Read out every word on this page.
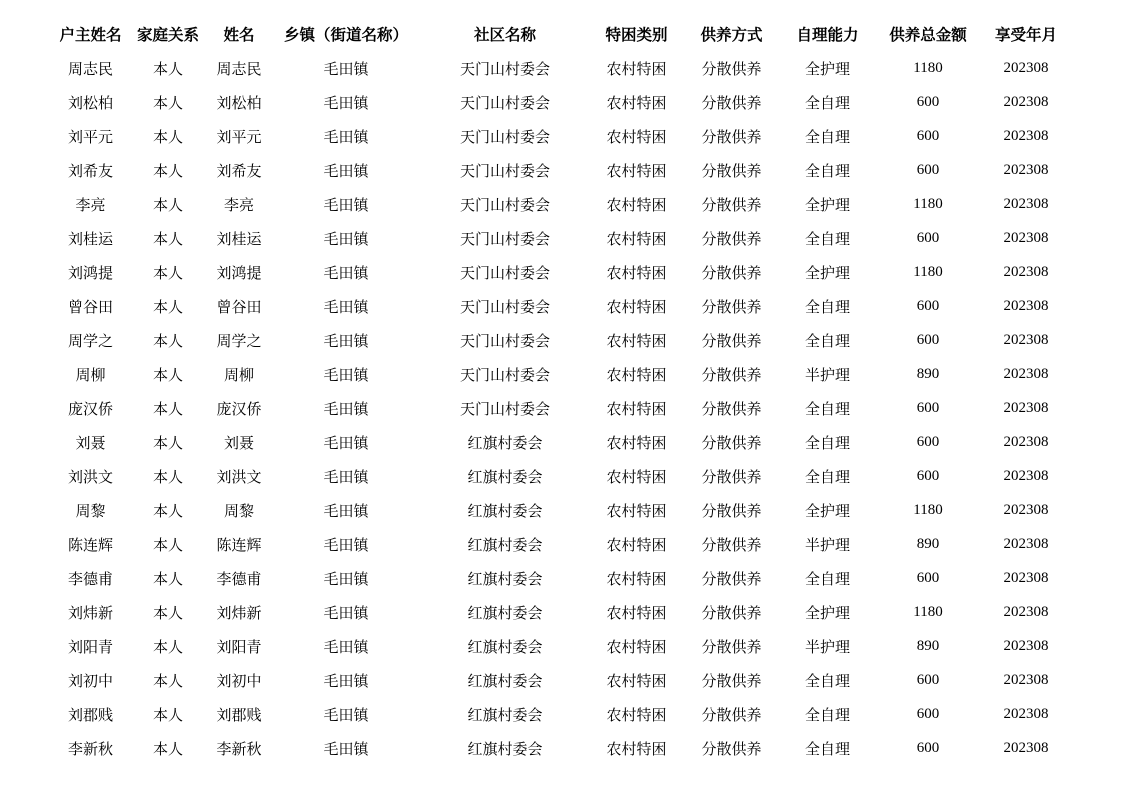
户主姓名	家庭关系	姓名	乡镇（街道名称）	社区名称	特困类别	供养方式	自理能力	供养总金额	享受年月
周志民	本人	周志民	毛田镇	天门山村委会	农村特困	分散供养	全护理	1180	202308
刘松柏	本人	刘松柏	毛田镇	天门山村委会	农村特困	分散供养	全自理	600	202308
刘平元	本人	刘平元	毛田镇	天门山村委会	农村特困	分散供养	全自理	600	202308
刘希友	本人	刘希友	毛田镇	天门山村委会	农村特困	分散供养	全自理	600	202308
李亮	本人	李亮	毛田镇	天门山村委会	农村特困	分散供养	全护理	1180	202308
刘桂运	本人	刘桂运	毛田镇	天门山村委会	农村特困	分散供养	全自理	600	202308
刘鸿提	本人	刘鸿提	毛田镇	天门山村委会	农村特困	分散供养	全护理	1180	202308
曾谷田	本人	曾谷田	毛田镇	天门山村委会	农村特困	分散供养	全自理	600	202308
周学之	本人	周学之	毛田镇	天门山村委会	农村特困	分散供养	全自理	600	202308
周柳	本人	周柳	毛田镇	天门山村委会	农村特困	分散供养	半护理	890	202308
庞汉侨	本人	庞汉侨	毛田镇	天门山村委会	农村特困	分散供养	全自理	600	202308
刘聂	本人	刘聂	毛田镇	红旗村委会	农村特困	分散供养	全自理	600	202308
刘洪文	本人	刘洪文	毛田镇	红旗村委会	农村特困	分散供养	全自理	600	202308
周黎	本人	周黎	毛田镇	红旗村委会	农村特困	分散供养	全护理	1180	202308
陈连辉	本人	陈连辉	毛田镇	红旗村委会	农村特困	分散供养	半护理	890	202308
李德甫	本人	李德甫	毛田镇	红旗村委会	农村特困	分散供养	全自理	600	202308
刘炜新	本人	刘炜新	毛田镇	红旗村委会	农村特困	分散供养	全护理	1180	202308
刘阳青	本人	刘阳青	毛田镇	红旗村委会	农村特困	分散供养	半护理	890	202308
刘初中	本人	刘初中	毛田镇	红旗村委会	农村特困	分散供养	全自理	600	202308
刘郡贱	本人	刘郡贱	毛田镇	红旗村委会	农村特困	分散供养	全自理	600	202308
李新秋	本人	李新秋	毛田镇	红旗村委会	农村特困	分散供养	全自理	600	202308
